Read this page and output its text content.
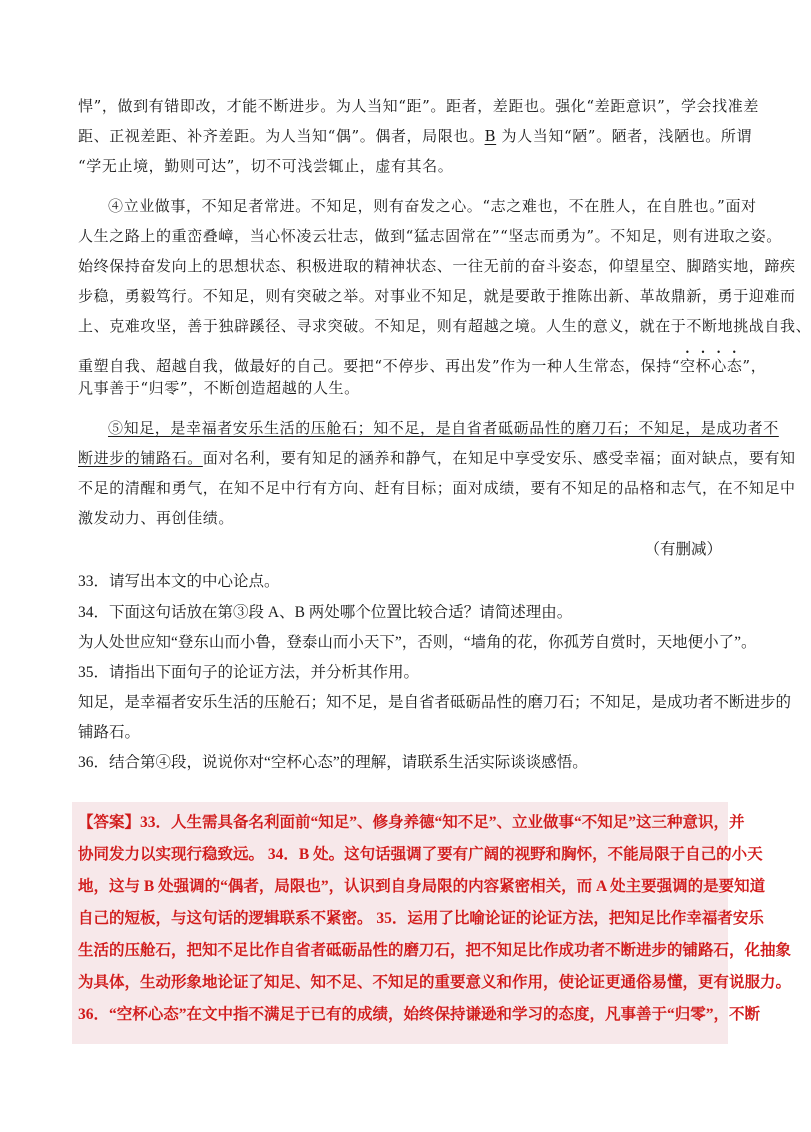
悍”，做到有错即改，才能不断进步。为人当知“距”。距者，差距也。强化“差距意识”，学会找准差
距、正视差距、补齐差距。为人当知“偶”。偶者，局限也。B 为人当知“陋”。陋者，浅陋也。所谓
“学无止境，勤则可达”，切不可浅尝辄止，虚有其名。
④立业做事，不知足者常进。不知足，则有奋发之心。“志之难也，不在胜人，在自胜也。”面对
人生之路上的重峦叠嶂，当心怀凌云壮志，做到“猛志固常在”“坚志而勇为”。不知足，则有进取之姿。
始终保持奋发向上的思想状态、积极进取的精神状态、一往无前的奋斗姿态，仰望星空、脚踏实地，蹄疾
步稳，勇毅笃行。不知足，则有突破之举。对事业不知足，就是要敢于推陈出新、革故鼎新，勇于迎难而
上、克难攻坚，善于独辟蹊径、寻求突破。不知足，则有超越之境。人生的意义，就在于不断地挑战自我、
重塑自我、超越自我，做最好的自己。要把“不停步、再出发”作为一种人生常态，保持“空杯心态”，
凡事善于“归零”，不断创造超越的人生。
⑤知足，是幸福者安乐生活的压舱石；知不足，是自省者砥砺品性的磨刀石；不知足，是成功者不
断进步的铺路石。面对名利，要有知足的涵养和静气，在知足中享受安乐、感受幸福；面对缺点，要有知
不足的清醒和勇气，在知不足中行有方向、赶有目标；面对成绩，要有不知足的品格和志气，在不知足中
激发动力、再创佳绩。
（有删减）
33．请写出本文的中心论点。
34．下面这句话放在第③段 A、B 两处哪个位置比较合适？请简述理由。
为人处世应知“登东山而小鲁，登泰山而小天下”，否则，“墙角的花，你孤芳自赏时，天地便小了”。
35．请指出下面句子的论证方法，并分析其作用。
知足，是幸福者安乐生活的压舱石；知不足，是自省者砥砺品性的磨刀石；不知足，是成功者不断进步的
铺路石。
36．结合第④段，说说你对“空杯心态”的理解，请联系生活实际谈谈感悟。
【答案】33．人生需具备名利面前“知足”、修身养德“知不足”、立业做事“不知足”这三种意识，并
协同发力以实现行稳致远。 34．B 处。这句话强调了要有广阔的视野和胸怀，不能局限于自己的小天
地，这与 B 处强调的“偶者，局限也”，认识到自身局限的内容紧密相关，而 A 处主要强调的是要知道
自己的短板，与这句话的逻辑联系不紧密。 35．运用了比喻论证的论证方法，把知足比作幸福者安乐
生活的压舱石，把知不足比作自省者砥砺品性的磨刀石，把不知足比作成功者不断进步的铺路石，化抽象
为具体，生动形象地论证了知足、知不足、不知足的重要意义和作用，使论证更通俗易懂，更有说服力。
36．“空杯心态”在文中指不满足于已有的成绩，始终保持谦逊和学习的态度，凡事善于“归零”，不断
